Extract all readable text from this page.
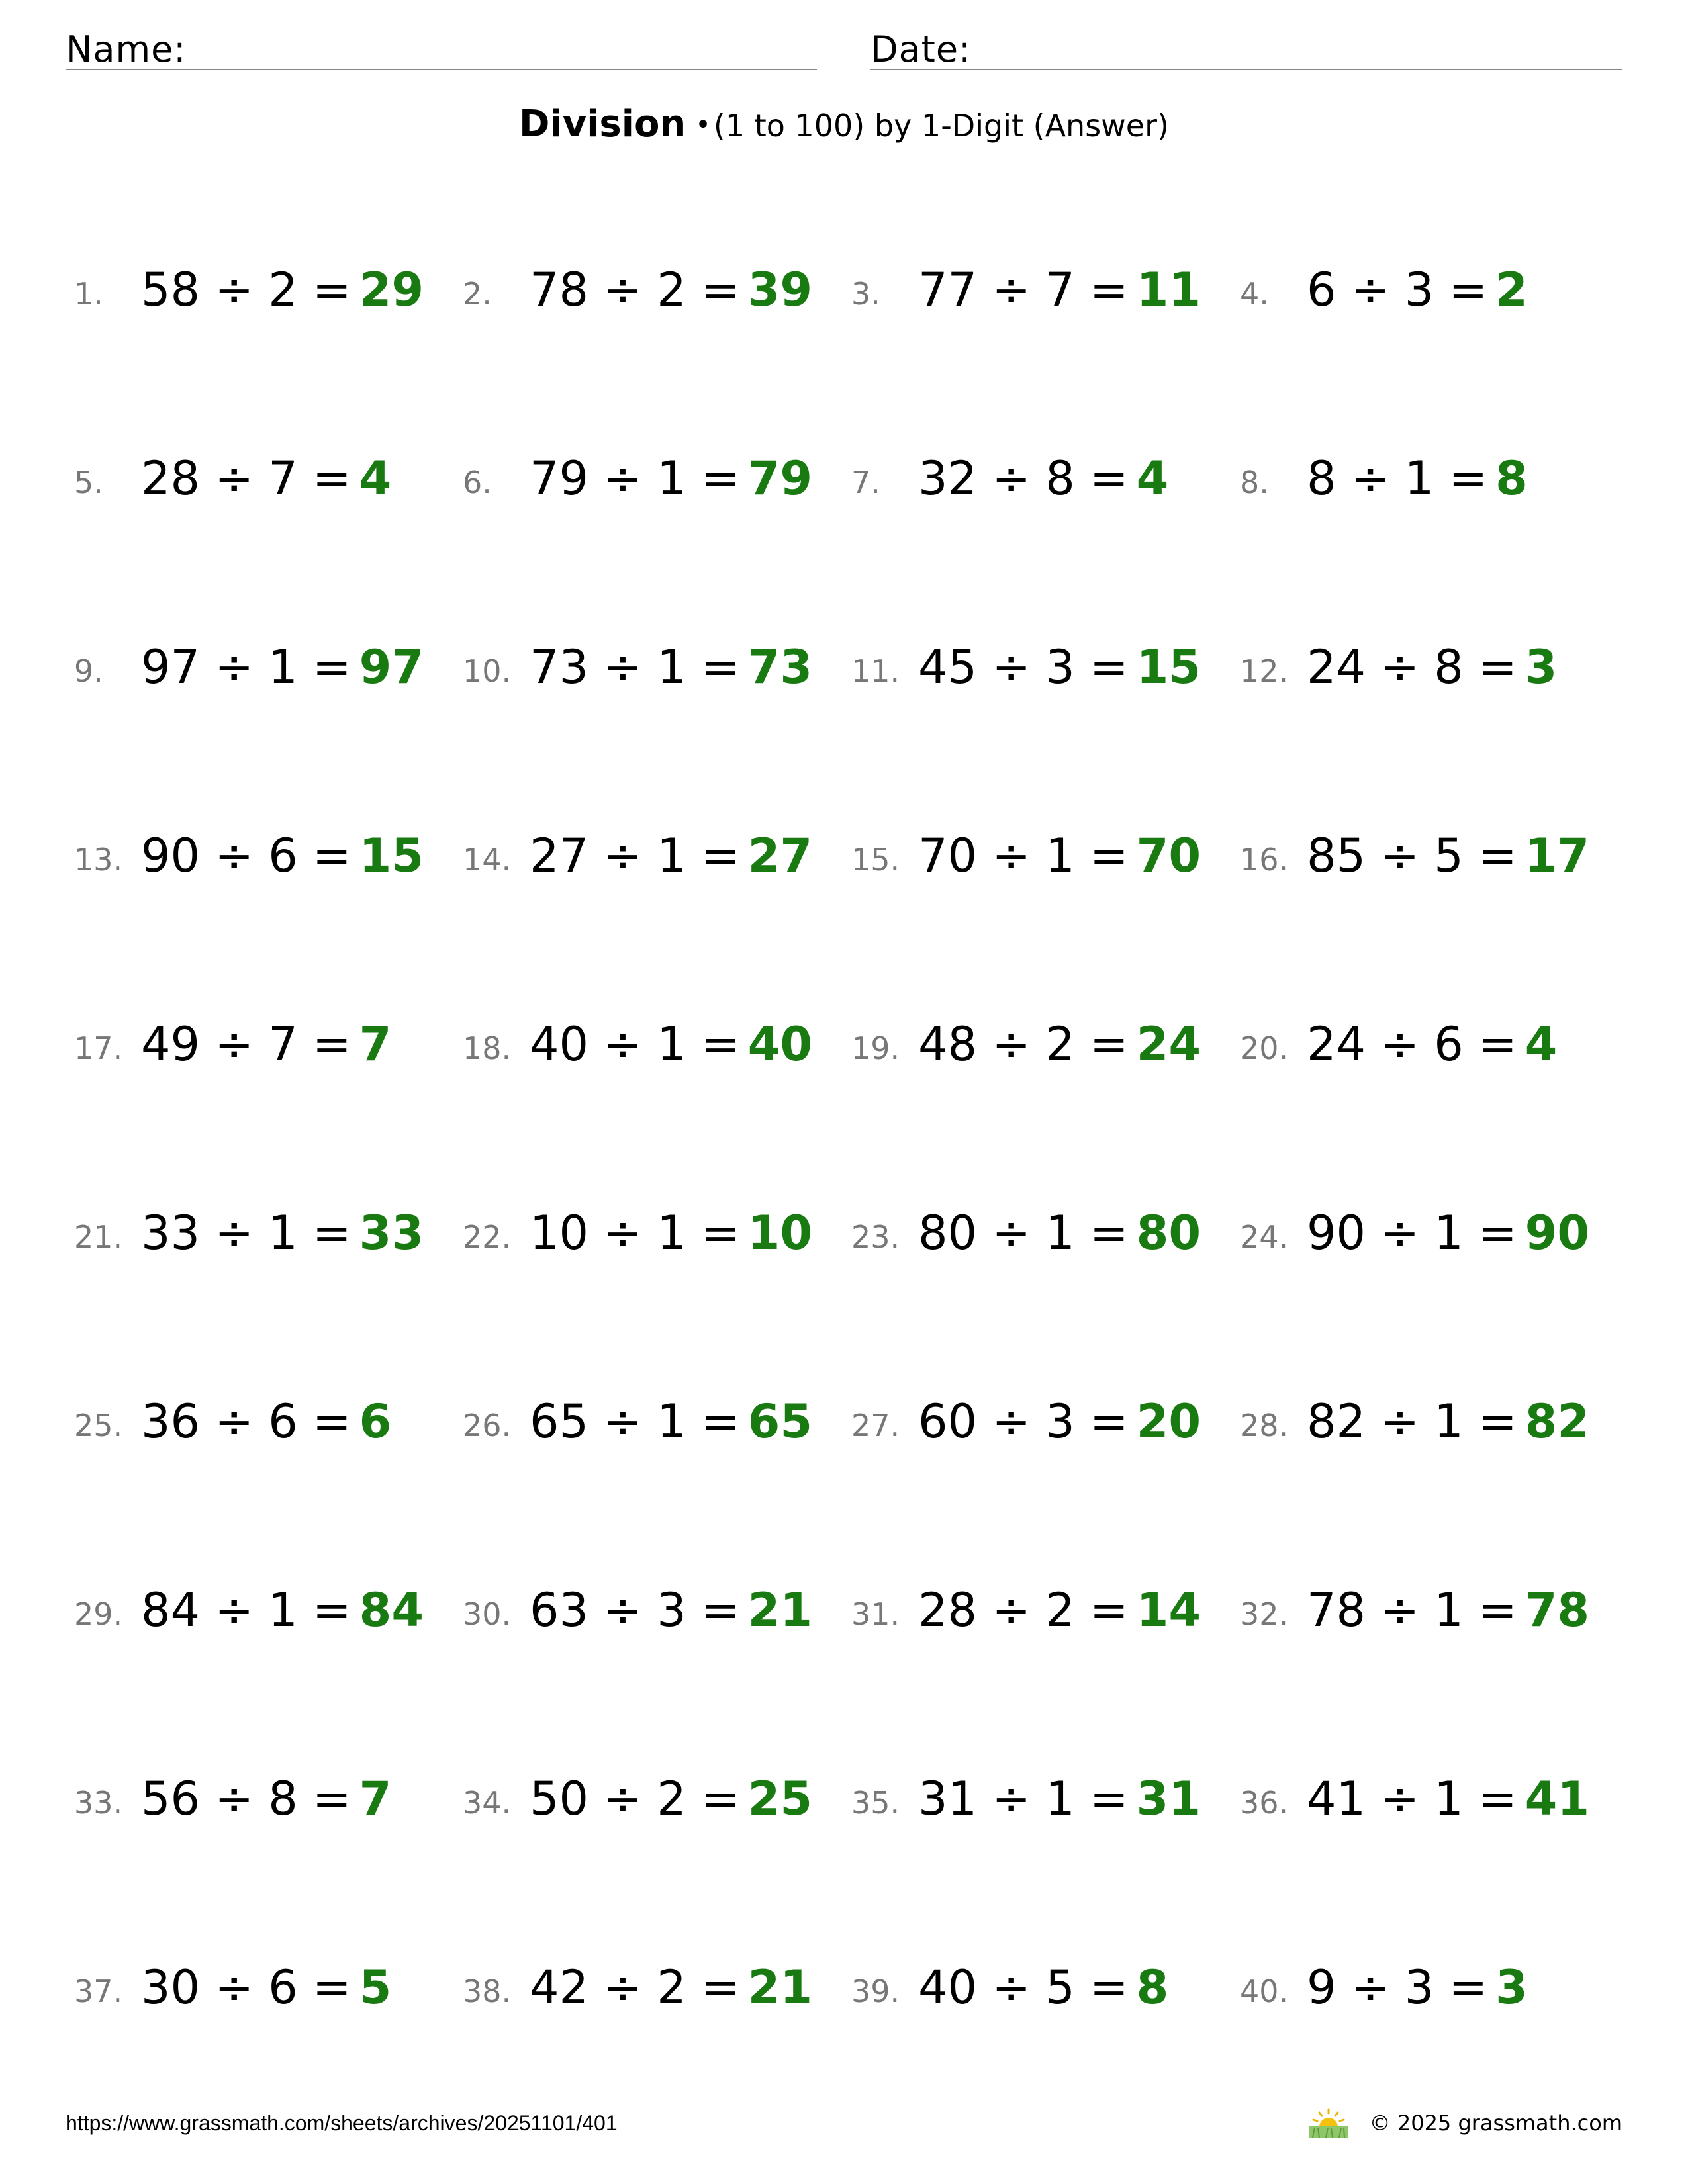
Name:	Date:
Division •(1 to 100) by 1-Digit (Answer)
1. 58 ÷ 2 = 29 2. 78 ÷ 2 = 39 3. 77 ÷ 7 = 11 4. 6 ÷ 3 = 2
5. 28 ÷ 7 = 4 6. 79 ÷ 1 = 79 7. 32 ÷ 8 = 4 8. 8 ÷ 1 = 8
9. 97 ÷ 1 = 97 10. 73 ÷ 1 = 73 11. 45 ÷ 3 = 15 12. 24 ÷ 8 = 3
13. 90 ÷ 6 = 15 14. 27 ÷ 1 = 27 15. 70 ÷ 1 = 70 16. 85 ÷ 5 = 17
17. 49 ÷ 7 = 7 18. 40 ÷ 1 = 40 19. 48 ÷ 2 = 24 20. 24 ÷ 6 = 4
21. 33 ÷ 1 = 33 22. 10 ÷ 1 = 10 23. 80 ÷ 1 = 80 24. 90 ÷ 1 = 90
25. 36 ÷ 6 = 6 26. 65 ÷ 1 = 65 27. 60 ÷ 3 = 20 28. 82 ÷ 1 = 82
29. 84 ÷ 1 = 84 30. 63 ÷ 3 = 21 31. 28 ÷ 2 = 14 32. 78 ÷ 1 = 78
33. 56 ÷ 8 = 7 34. 50 ÷ 2 = 25 35. 31 ÷ 1 = 31 36. 41 ÷ 1 = 41
37. 30 ÷ 6 = 5 38. 42 ÷ 2 = 21 39. 40 ÷ 5 = 8 40. 9 ÷ 3 = 3
https://www.grassmath.com/sheets/archives/20251101/401	© 2025 grassmath.com
